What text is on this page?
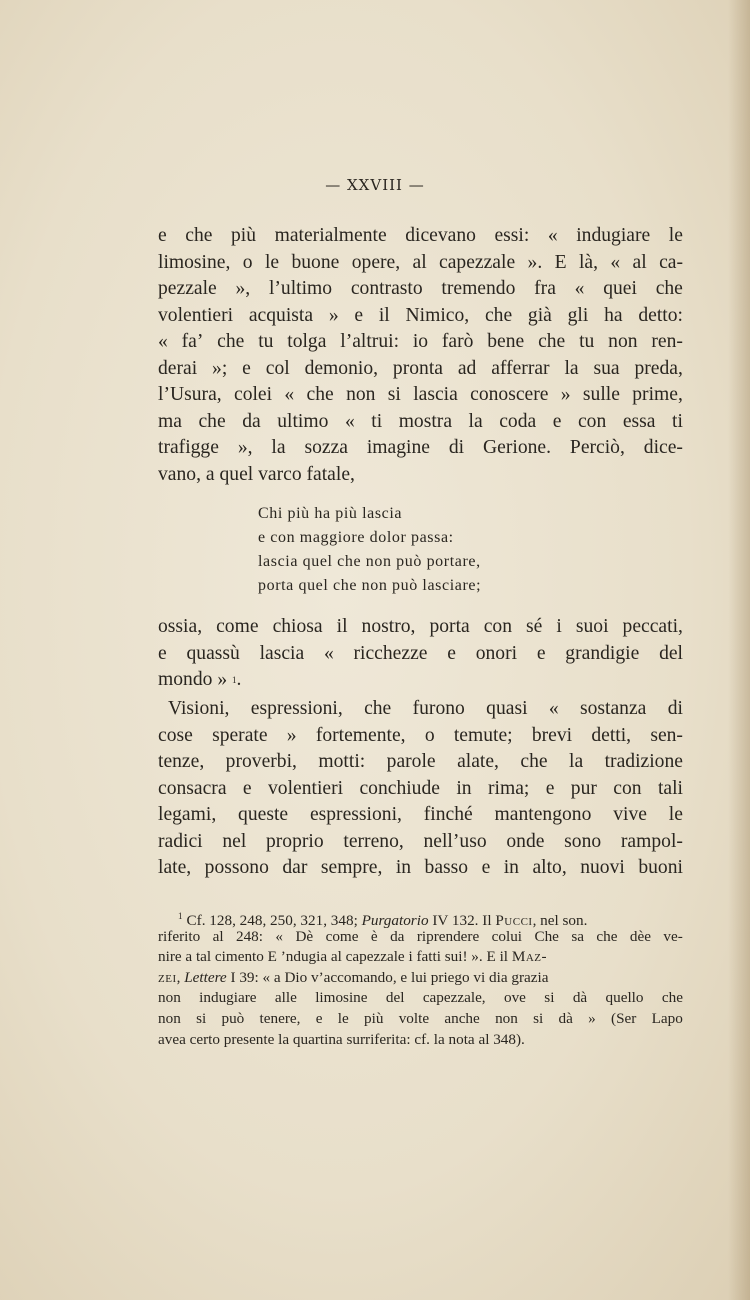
— XXVIII —
e che più materialmente dicevano essi: « indugiare le
limosine, o le buone opere, al capezzale ». E là, « al ca-
pezzale », l’ultimo contrasto tremendo fra « quei che
volentieri acquista » e il Nimico, che già gli ha detto:
« fa’ che tu tolga l’altrui: io farò bene che tu non ren-
derai »; e col demonio, pronta ad afferrar la sua preda,
l’Usura, colei « che non si lascia conoscere » sulle prime,
ma che da ultimo « ti mostra la coda e con essa ti
trafigge », la sozza imagine di Gerione. Perciò, dice-
vano, a quel varco fatale,
Chi più ha più lascia
e con maggiore dolor passa:
lascia quel che non può portare,
porta quel che non può lasciare;
ossia, come chiosa il nostro, porta con sé i suoi peccati,
e quassù lascia « ricchezze e onori e grandigie del
mondo »
1 .
Visioni, espressioni, che furono quasi « sostanza di
cose sperate » fortemente, o temute; brevi detti, sen-
tenze, proverbi, motti: parole alate, che la tradizione
consacra e volentieri conchiude in rima; e pur con tali
legami, queste espressioni, finché mantengono vive le
radici nel proprio terreno, nell’uso onde sono rampol-
late, possono dar sempre, in basso e in alto, nuovi buoni
$^1$ Cf. 128, 248, 250, 321, 348; Purgatorio IV 132. Il Pucci, nel son.
riferito al 248: « Dè come è da riprendere colui Che sa che dèe ve-
nire a tal cimento E ’ndugia al capezzale i fatti sui! ». E il Maz-
zei, Lettere I 39: « a Dio v’accomando, e lui priego vi dia grazia
non indugiare alle limosine del capezzale, ove si dà quello che
non si può tenere, e le più volte anche non si dà » (Ser Lapo
avea certo presente la quartina surriferita: cf. la nota al 348).
